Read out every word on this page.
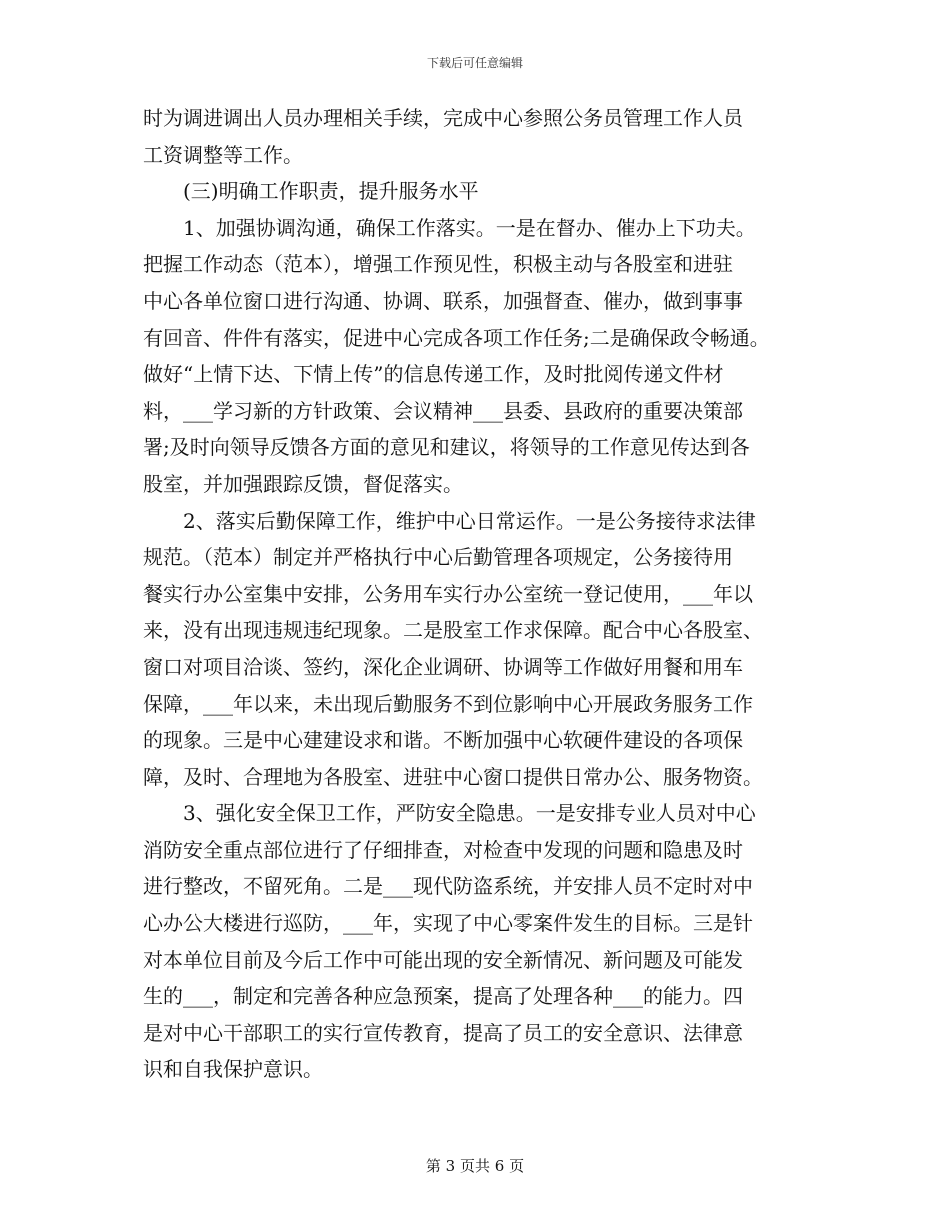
下载后可任意编辑
时为调进调出人员办理相关手续，完成中心参照公务员管理工作人员
工资调整等工作。
(三)明确工作职责，提升服务水平
1、加强协调沟通，确保工作落实。一是在督办、催办上下功夫。
把握工作动态（范本），增强工作预见性，积极主动与各股室和进驻
中心各单位窗口进行沟通、协调、联系，加强督查、催办，做到事事
有回音、件件有落实，促进中心完成各项工作任务;二是确保政令畅通。
做好“上情下达、下情上传”的信息传递工作，及时批阅传递文件材
料，___学习新的方针政策、会议精神___县委、县政府的重要决策部
署;及时向领导反馈各方面的意见和建议，将领导的工作意见传达到各
股室，并加强跟踪反馈，督促落实。
2、落实后勤保障工作，维护中心日常运作。一是公务接待求法律
规范。（范本）制定并严格执行中心后勤管理各项规定，公务接待用
餐实行办公室集中安排，公务用车实行办公室统一登记使用，___年以
来，没有出现违规违纪现象。二是股室工作求保障。配合中心各股室、
窗口对项目洽谈、签约，深化企业调研、协调等工作做好用餐和用车
保障，___年以来，未出现后勤服务不到位影响中心开展政务服务工作
的现象。三是中心建建设求和谐。不断加强中心软硬件建设的各项保
障，及时、合理地为各股室、进驻中心窗口提供日常办公、服务物资。
3、强化安全保卫工作，严防安全隐患。一是安排专业人员对中心
消防安全重点部位进行了仔细排查，对检查中发现的问题和隐患及时
进行整改，不留死角。二是___现代防盗系统，并安排人员不定时对中
心办公大楼进行巡防，___年，实现了中心零案件发生的目标。三是针
对本单位目前及今后工作中可能出现的安全新情况、新问题及可能发
生的___，制定和完善各种应急预案，提高了处理各种___的能力。四
是对中心干部职工的实行宣传教育，提高了员工的安全意识、法律意
识和自我保护意识。
第 3 页共 6 页
